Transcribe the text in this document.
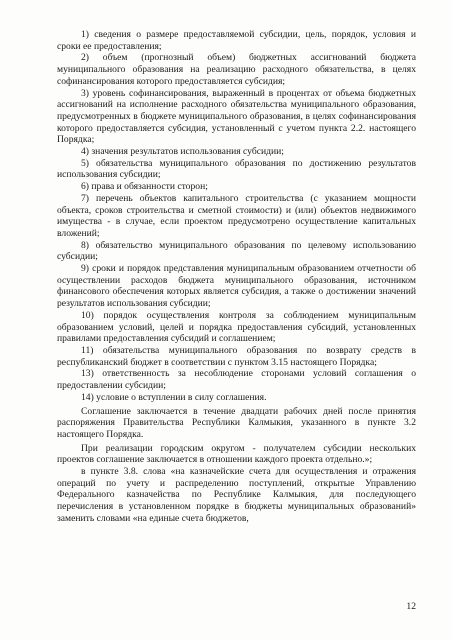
1) сведения о размере предоставляемой субсидии, цель, порядок, условия и сроки ее предоставления;

2) объем (прогнозный объем) бюджетных ассигнований бюджета муниципального образования на реализацию расходного обязательства, в целях софинансирования которого предоставляется субсидия;

3) уровень софинансирования, выраженный в процентах от объема бюджетных ассигнований на исполнение расходного обязательства муниципального образования, предусмотренных в бюджете муниципального образования, в целях софинансирования которого предоставляется субсидия, установленный с учетом пункта 2.2. настоящего Порядка;

4) значения результатов использования субсидии;

5) обязательства муниципального образования по достижению результатов использования субсидии;

6) права и обязанности сторон;

7) перечень объектов капитального строительства (с указанием мощности объекта, сроков строительства и сметной стоимости) и (или) объектов недвижимого имущества - в случае, если проектом предусмотрено осуществление капитальных вложений;

8) обязательство муниципального образования по целевому использованию субсидии;

9) сроки и порядок представления муниципальным образованием отчетности об осуществлении расходов бюджета муниципального образования, источником финансового обеспечения которых является субсидия, а также о достижении значений результатов использования субсидии;

10) порядок осуществления контроля за соблюдением муниципальным образованием условий, целей и порядка предоставления субсидий, установленных правилами предоставления субсидий и соглашением;

11) обязательства муниципального образования по возврату средств в республиканский бюджет в соответствии с пунктом 3.15 настоящего Порядка;

13) ответственность за несоблюдение сторонами условий соглашения о предоставлении субсидии;

14) условие о вступлении в силу соглашения.

Соглашение заключается в течение двадцати рабочих дней после принятия распоряжения Правительства Республики Калмыкия, указанного в пункте 3.2 настоящего Порядка.

При реализации городским округом - получателем субсидии нескольких проектов соглашение заключается в отношении каждого проекта отдельно.»;

в пункте 3.8. слова «на казначейские счета для осуществления и отражения операций по учету и распределению поступлений, открытые Управлению Федерального казначейства по Республике Калмыкия, для последующего перечисления в установленном порядке в бюджеты муниципальных образований» заменить словами «на единые счета бюджетов,

12
